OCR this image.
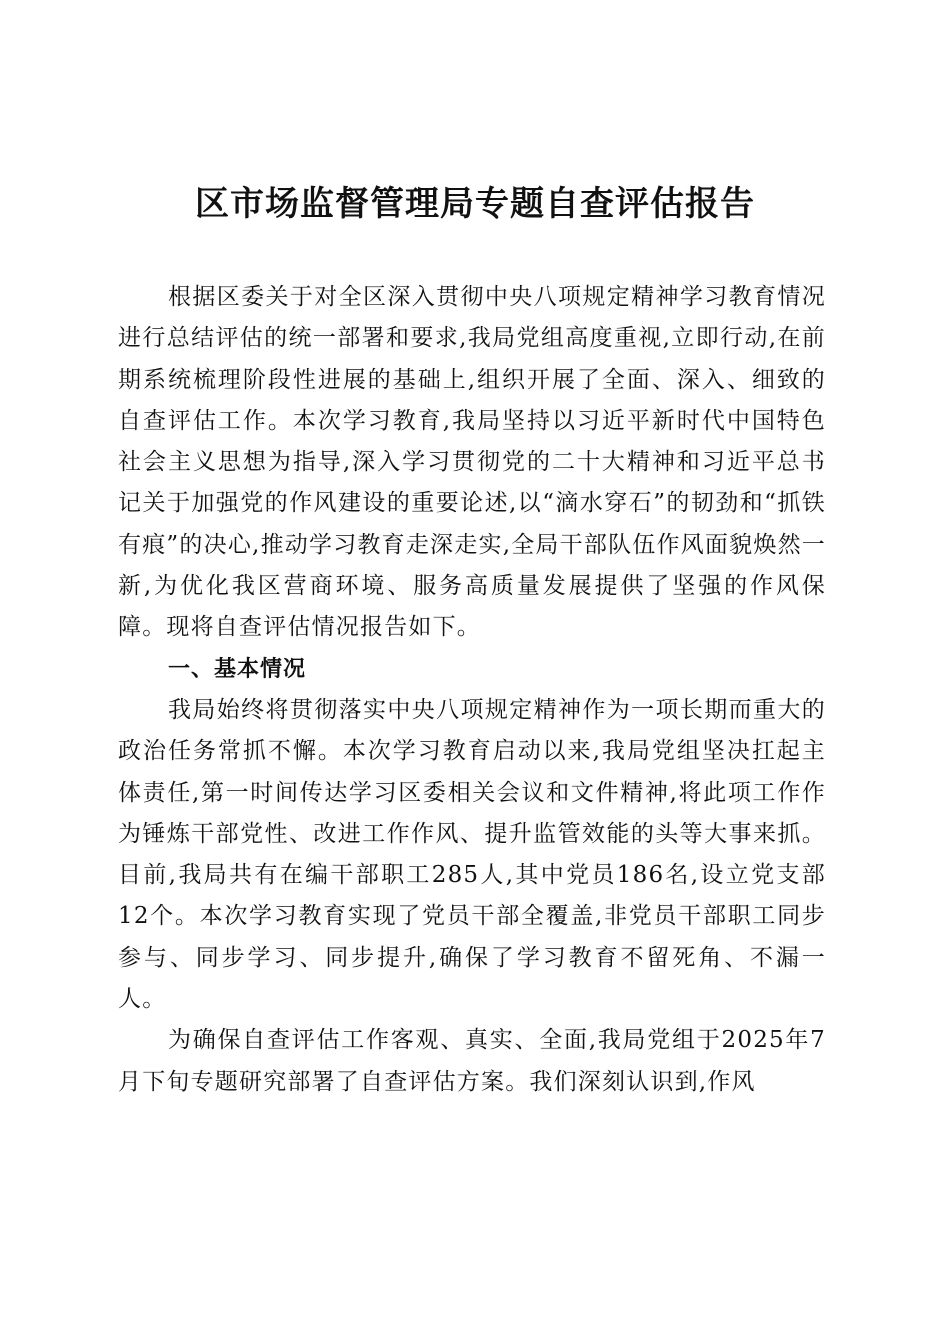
区市场监督管理局专题自查评估报告

根据区委关于对全区深入贯彻中央八项规定精神学习教育情况进行总结评估的统一部署和要求,我局党组高度重视,立即行动,在前期系统梳理阶段性进展的基础上,组织开展了全面、深入、细致的自查评估工作。本次学习教育,我局坚持以习近平新时代中国特色社会主义思想为指导,深入学习贯彻党的二十大精神和习近平总书记关于加强党的作风建设的重要论述,以“滴水穿石”的韧劲和“抓铁有痕”的决心,推动学习教育走深走实,全局干部队伍作风面貌焕然一新,为优化我区营商环境、服务高质量发展提供了坚强的作风保障。现将自查评估情况报告如下。

一、基本情况

我局始终将贯彻落实中央八项规定精神作为一项长期而重大的政治任务常抓不懈。本次学习教育启动以来,我局党组坚决扛起主体责任,第一时间传达学习区委相关会议和文件精神,将此项工作作为锤炼干部党性、改进工作作风、提升监管效能的头等大事来抓。目前,我局共有在编干部职工285人,其中党员186名,设立党支部12个。本次学习教育实现了党员干部全覆盖,非党员干部职工同步参与、同步学习、同步提升,确保了学习教育不留死角、不漏一人。

为确保自查评估工作客观、真实、全面,我局党组于2025年7月下旬专题研究部署了自查评估方案。我们深刻认识到,作风
